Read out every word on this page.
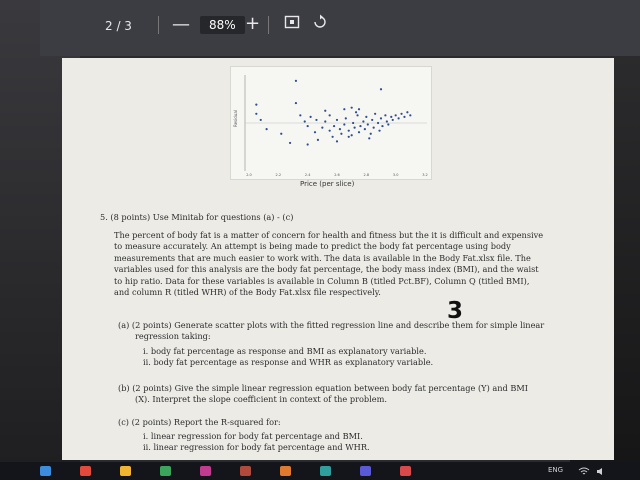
2 / 3 —	88% +
Residual
2.0	2.2	2.4	2.6	2.8	3.0	3.2
Price (per slice)
5. (8 points) Use Minitab for questions (a) - (c)
The percent of body fat is a matter of concern for health and fitness but the it is difficult and expensive
to measure accurately. An attempt is being made to predict the body fat percentage using body
measurements that are much easier to work with. The data is available in the Body Fat.xlsx file. The
variables used for this analysis are the body fat percentage, the body mass index (BMI), and the waist
to hip ratio. Data for these variables is available in Column B (titled Pct.BF), Column Q (titled BMI),
and column R (titled WHR) of the Body Fat.xlsx file respectively.
(a) (2 points) Generate scatter plots with the fitted regression line and describe them for simple linear
regression taking:
i. body fat percentage as response and BMI as explanatory variable.
ii. body fat percentage as response and WHR as explanatory variable.
3
(b) (2 points) Give the simple linear regression equation between body fat percentage (Y) and BMI
(X). Interpret the slope coefficient in context of the problem.
(c) (2 points) Report the R-squared for:
i. linear regression for body fat percentage and BMI.
ii. linear regression for body fat percentage and WHR.
ENG
